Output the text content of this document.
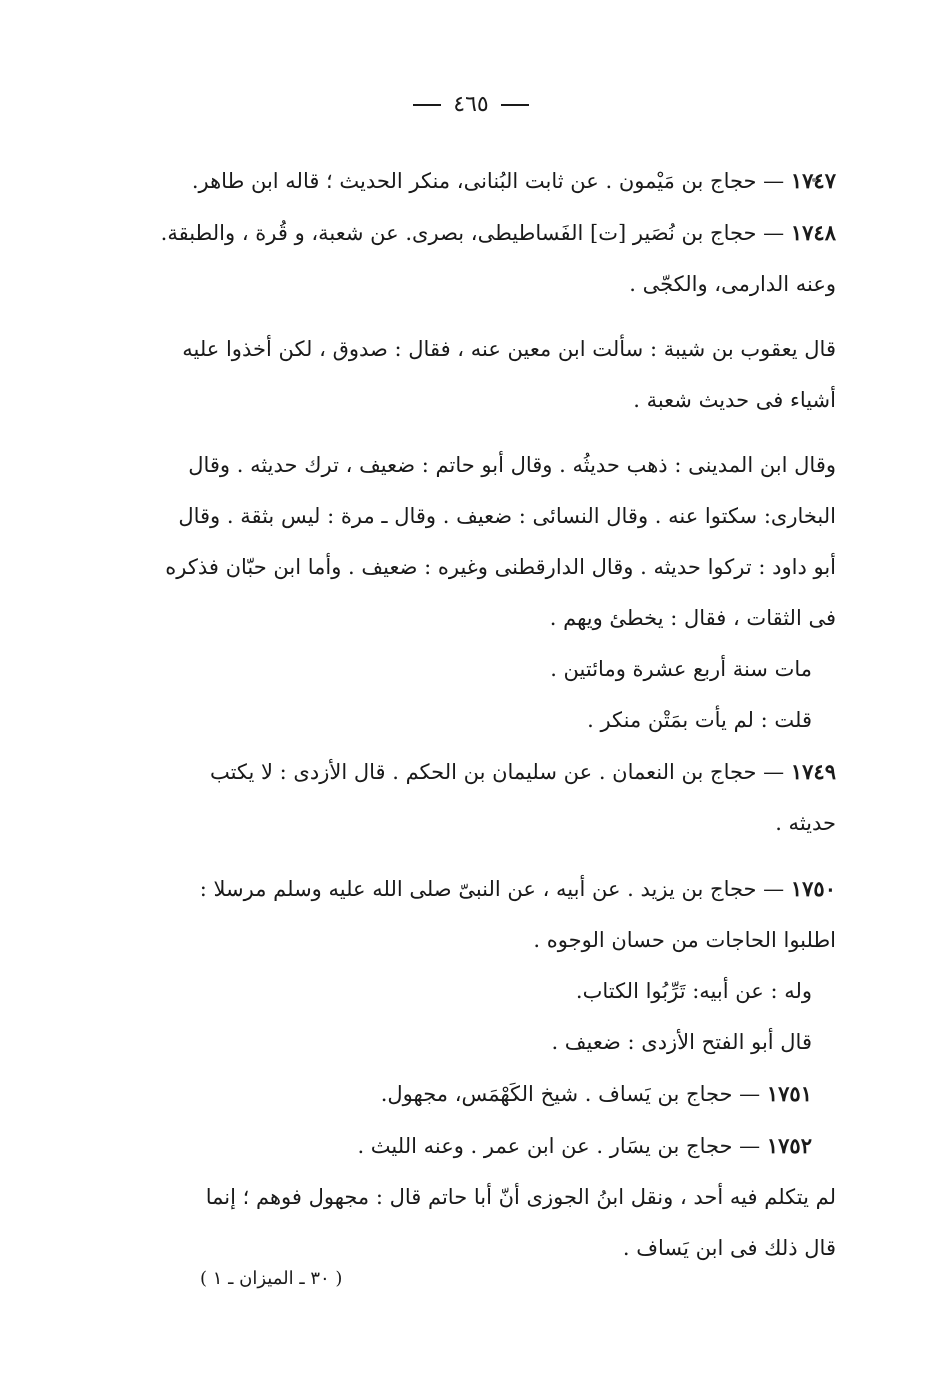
٤٦٥

١٧٤٧ — حجاج بن مَيْمون . عن ثابت البُنانى، منكر الحديث ؛ قاله ابن طاهر.

١٧٤٨ — حجاج بن نُصَير [ت] الفَساطيطى، بصرى. عن شعبة، و قُرة ، والطبقة.

وعنه الدارمى، والكجّى .

قال يعقوب بن شيبة : سألت ابن معين عنه ، فقال : صدوق ، لكن أخذوا عليه

أشياء فى حديث شعبة .

وقال ابن المدينى : ذهب حديثُه . وقال أبو حاتم : ضعيف ، ترك حديثه . وقال

البخارى: سكتوا عنه . وقال النسائى : ضعيف . وقال ـ مرة : ليس بثقة . وقال

أبو داود : تركوا حديثه . وقال الدارقطنى وغيره : ضعيف . وأما ابن حبّان فذكره

فى الثقات ، فقال : يخطئ ويهم .

مات سنة أربع عشرة ومائتين .

قلت : لم يأت بمَتْن منكر .

١٧٤٩ — حجاج بن النعمان . عن سليمان بن الحكم . قال الأزدى : لا يكتب

حديثه .

١٧٥٠ — حجاج بن يزيد . عن أبيه ، عن النبىّ صلى الله عليه وسلم مرسلا :

اطلبوا الحاجات من حسان الوجوه .

وله : عن أبيه: تَرِّبُوا الكتاب.

قال أبو الفتح الأزدى : ضعيف .

١٧٥١ — حجاج بن يَساف . شيخ الكَهْمَس، مجهول.

١٧٥٢ — حجاج بن يسَار . عن ابن عمر . وعنه الليث .

لم يتكلم فيه أحد ، ونقل ابنُ الجوزى أنّ أبا حاتم قال : مجهول فوهم ؛ إنما

قال ذلك فى ابن يَساف .

( ٣٠ ـ الميزان ـ ١ )
